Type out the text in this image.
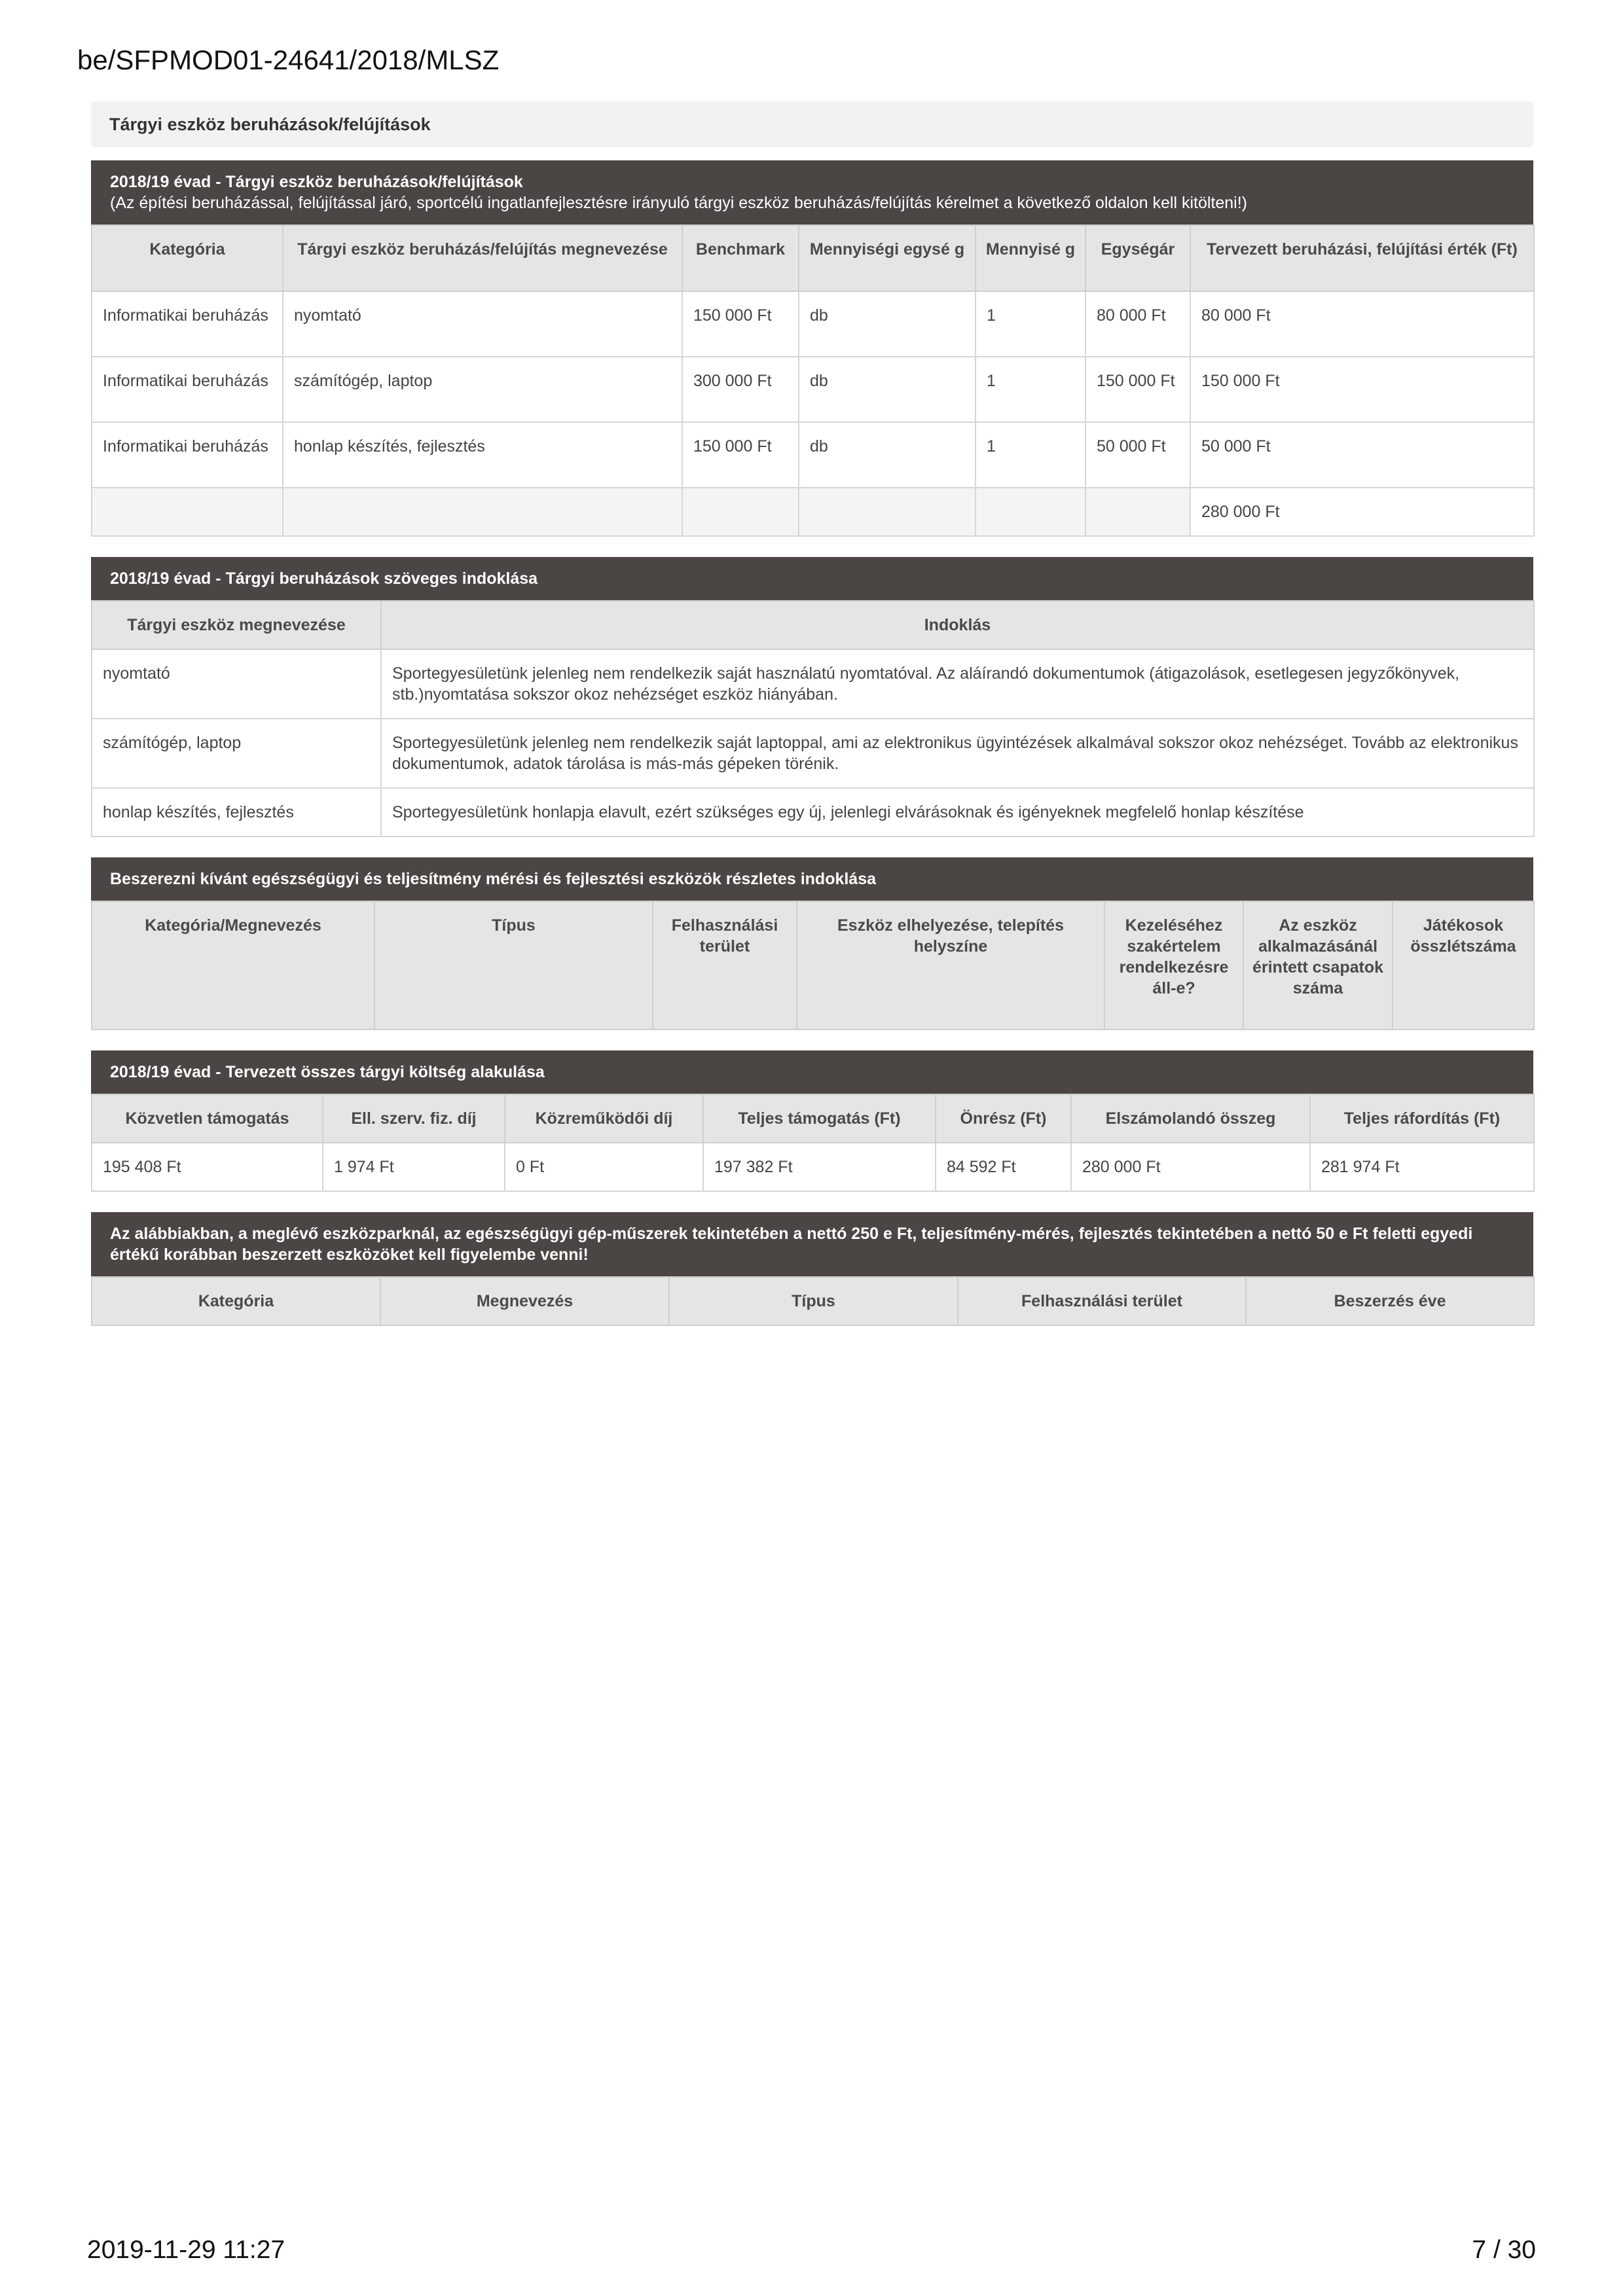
be/SFPMOD01-24641/2018/MLSZ
Tárgyi eszköz beruházások/felújítások
2018/19 évad - Tárgyi eszköz beruházások/felújítások
(Az építési beruházással, felújítással járó, sportcélú ingatlanfejlesztésre irányuló tárgyi eszköz beruházás/felújítás kérelmet a következő oldalon kell kitölteni!)
Kategória	Tárgyi eszköz beruházás/felújítás megnevezése	Benchmark	Mennyiségi egysé g	Mennyisé g	Egységár	Tervezett beruházási, felújítási érték (Ft)
Informatikai beruházás	nyomtató	150 000 Ft	db	1	80 000 Ft	80 000 Ft
Informatikai beruházás	számítógép, laptop	300 000 Ft	db	1	150 000 Ft	150 000 Ft
Informatikai beruházás	honlap készítés, fejlesztés	150 000 Ft	db	1	50 000 Ft	50 000 Ft
						280 000 Ft
2018/19 évad - Tárgyi beruházások szöveges indoklása
Tárgyi eszköz megnevezése	Indoklás
nyomtató	Sportegyesületünk jelenleg nem rendelkezik saját használatú nyomtatóval. Az aláírandó dokumentumok (átigazolások, esetlegesen jegyzőkönyvek, stb.)nyomtatása sokszor okoz nehézséget eszköz hiányában.
számítógép, laptop	Sportegyesületünk jelenleg nem rendelkezik saját laptoppal, ami az elektronikus ügyintézések alkalmával sokszor okoz nehézséget. Tovább az elektronikus dokumentumok, adatok tárolása is más-más gépeken törénik.
honlap készítés, fejlesztés	Sportegyesületünk honlapja elavult, ezért szükséges egy új, jelenlegi elvárásoknak és igényeknek megfelelő honlap készítése
Beszerezni kívánt egészségügyi és teljesítmény mérési és fejlesztési eszközök részletes indoklása
Kategória/Megnevezés	Típus	Felhasználási terület	Eszköz elhelyezése, telepítés helyszíne	Kezeléséhez szakértelem rendelkezésre áll-e?	Az eszköz alkalmazásánál érintett csapatok száma	Játékosok összlétszáma
2018/19 évad - Tervezett összes tárgyi költség alakulása
Közvetlen támogatás	Ell. szerv. fiz. díj	Közreműködői díj	Teljes támogatás (Ft)	Önrész (Ft)	Elszámolandó összeg	Teljes ráfordítás (Ft)
195 408 Ft	1 974 Ft	0 Ft	197 382 Ft	84 592 Ft	280 000 Ft	281 974 Ft
Az alábbiakban, a meglévő eszközparknál, az egészségügyi gép-műszerek tekintetében a nettó 250 e Ft, teljesítmény-mérés, fejlesztés tekintetében a nettó 50 e Ft feletti egyedi értékű korábban beszerzett eszközöket kell figyelembe venni!
Kategória	Megnevezés	Típus	Felhasználási terület	Beszerzés éve
2019-11-29 11:27	7 / 30
